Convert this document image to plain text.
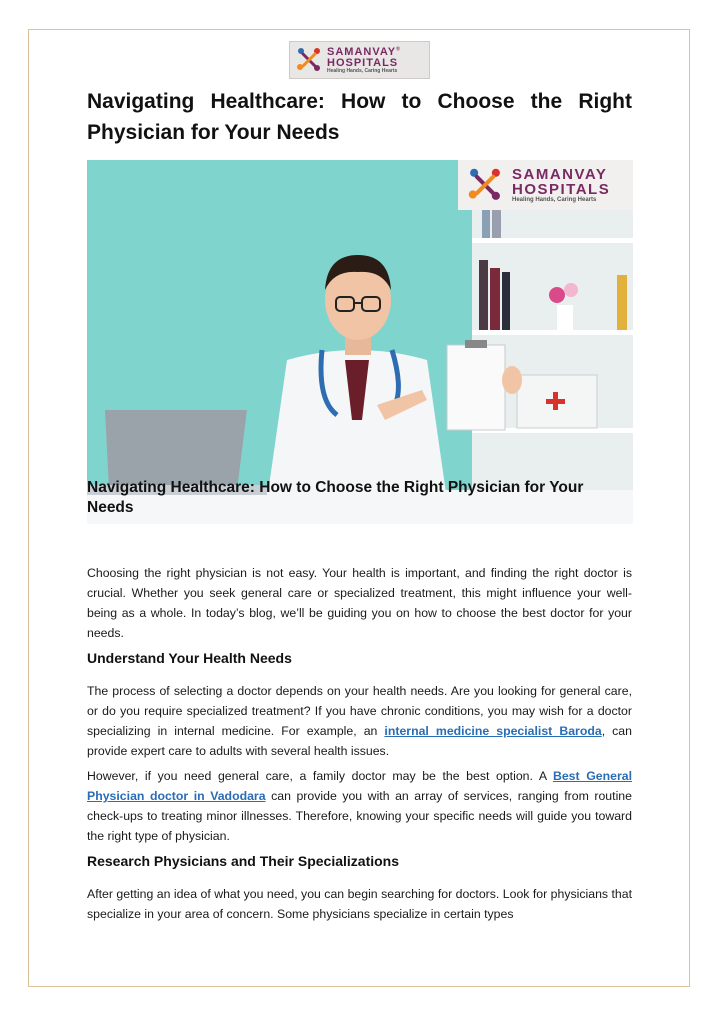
SAMANVAY®
HOSPITALS
Healing Hands, Caring Hearts
Navigating Healthcare: How to Choose the Right Physician for Your Needs
SAMANVAY
HOSPITALS
Healing Hands, Caring Hearts

Navigating Healthcare: How to Choose the Right Physician for Your Needs

Choosing the right physician is not easy. Your health is important, and finding the right doctor is crucial. Whether you seek general care or specialized treatment, this might influence your well-being as a whole. In today’s blog, we’ll be guiding you on how to choose the best doctor for your needs.

Understand Your Health Needs

The process of selecting a doctor depends on your health needs. Are you looking for general care, or do you require specialized treatment? If you have chronic conditions, you may wish for a doctor specializing in internal medicine. For example, an internal medicine specialist Baroda, can provide expert care to adults with several health issues.

However, if you need general care, a family doctor may be the best option. A Best General Physician doctor in Vadodara can provide you with an array of services, ranging from routine check-ups to treating minor illnesses. Therefore, knowing your specific needs will guide you toward the right type of physician.

Research Physicians and Their Specializations

After getting an idea of what you need, you can begin searching for doctors. Look for physicians that specialize in your area of concern. Some physicians specialize in certain types
